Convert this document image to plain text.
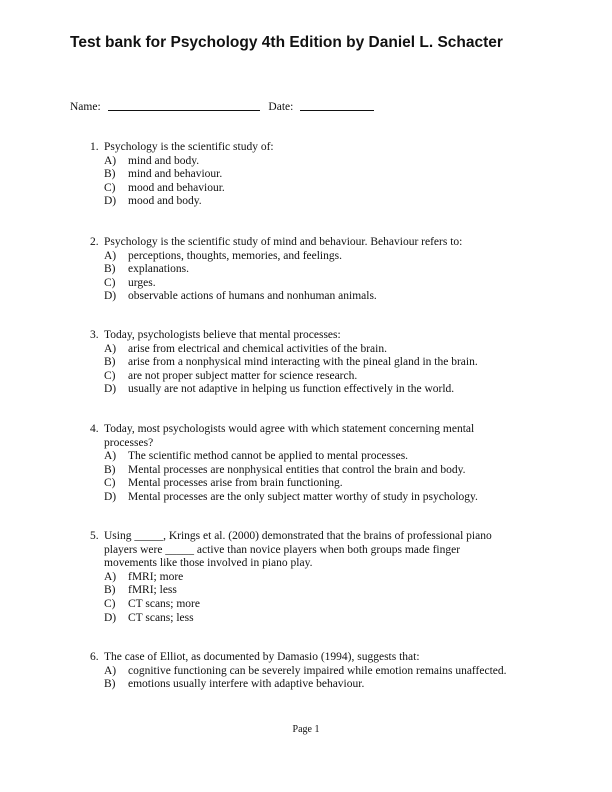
Test bank for Psychology 4th Edition by Daniel L. Schacter
Name:	Date:
1. Psychology is the scientific study of:
A) mind and body.
B) mind and behaviour.
C) mood and behaviour.
D) mood and body.
2. Psychology is the scientific study of mind and behaviour. Behaviour refers to:
A) perceptions, thoughts, memories, and feelings.
B) explanations.
C) urges.
D) observable actions of humans and nonhuman animals.
3. Today, psychologists believe that mental processes:
A) arise from electrical and chemical activities of the brain.
B) arise from a nonphysical mind interacting with the pineal gland in the brain.
C) are not proper subject matter for science research.
D) usually are not adaptive in helping us function effectively in the world.
4. Today, most psychologists would agree with which statement concerning mental
processes?
A) The scientific method cannot be applied to mental processes.
B) Mental processes are nonphysical entities that control the brain and body.
C) Mental processes arise from brain functioning.
D) Mental processes are the only subject matter worthy of study in psychology.
5. Using _____, Krings et al. (2000) demonstrated that the brains of professional piano
players were _____ active than novice players when both groups made finger
movements like those involved in piano play.
A) fMRI; more
B) fMRI; less
C) CT scans; more
D) CT scans; less
6. The case of Elliot, as documented by Damasio (1994), suggests that:
A) cognitive functioning can be severely impaired while emotion remains unaffected.
B) emotions usually interfere with adaptive behaviour.
Page 1
